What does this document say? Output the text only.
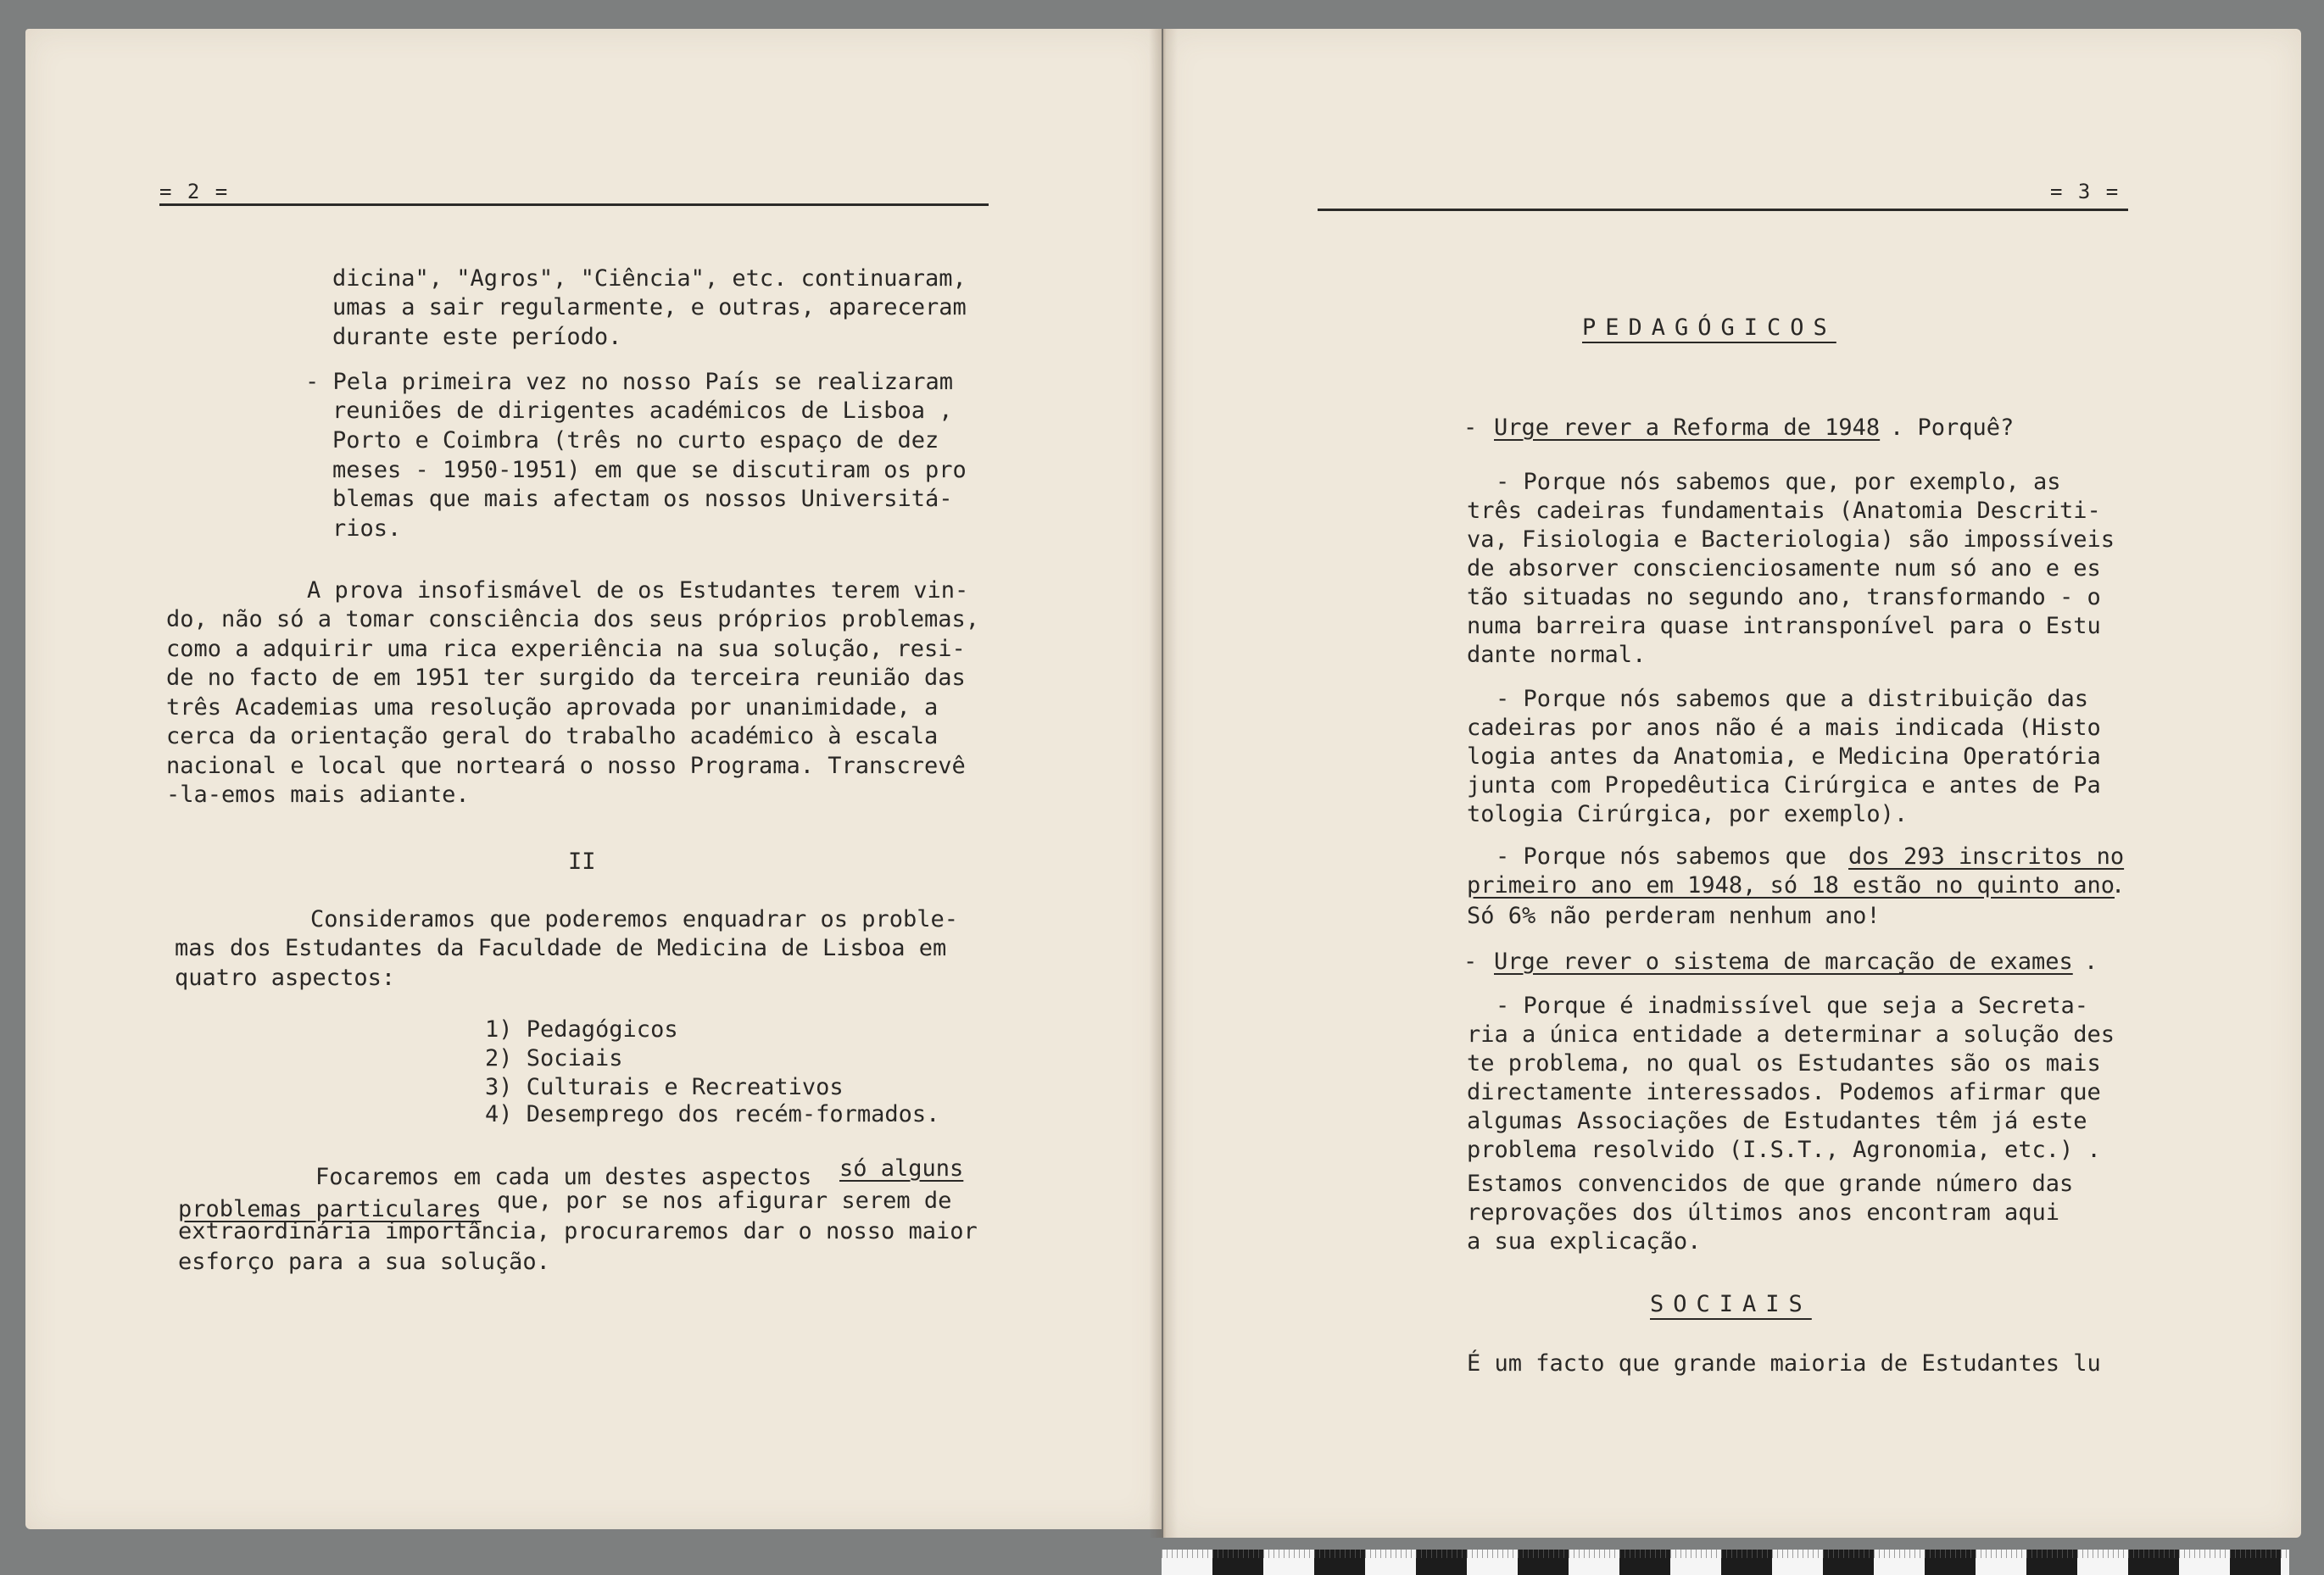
= 2 =
dicina", "Agros", "Ciência", etc. continuaram,
umas a sair regularmente, e outras, apareceram
durante este período.
- Pela primeira vez no nosso País se realizaram
reuniões de dirigentes académicos de Lisboa ,
Porto e Coimbra (três no curto espaço de dez
meses - 1950-1951) em que se discutiram os pro
blemas que mais afectam os nossos Universitá-
rios.
A prova insofismável de os Estudantes terem vin-
do, não só a tomar consciência dos seus próprios problemas,
como a adquirir uma rica experiência na sua solução, resi-
de no facto de em 1951 ter surgido da terceira reunião das
três Academias uma resolução aprovada por unanimidade, a
cerca da orientação geral do trabalho académico à escala
nacional e local que norteará o nosso Programa. Transcrevê
-la-emos mais adiante.
II
Consideramos que poderemos enquadrar os proble-
mas dos Estudantes da Faculdade de Medicina de Lisboa em
quatro aspectos:
1) Pedagógicos
2) Sociais
3) Culturais e Recreativos
4) Desemprego dos recém-formados.
Focaremos em cada um destes aspectos só alguns
problemas particulares que, por se nos afigurar serem de
extraordinária importância, procuraremos dar o nosso maior
esforço para a sua solução.
= 3 =
PEDAGÓGICOS
- Urge rever a Reforma de 1948 . Porquê?
- Porque nós sabemos que, por exemplo, as
três cadeiras fundamentais (Anatomia Descriti-
va, Fisiologia e Bacteriologia) são impossíveis
de absorver conscienciosamente num só ano e es
tão situadas no segundo ano, transformando - o
numa barreira quase intransponível para o Estu
dante normal.
- Porque nós sabemos que a distribuição das
cadeiras por anos não é a mais indicada (Histo
logia antes da Anatomia, e Medicina Operatória
junta com Propedêutica Cirúrgica e antes de Pa
tologia Cirúrgica, por exemplo).
- Porque nós sabemos que dos 293 inscritos no
primeiro ano em 1948, só 18 estão no quinto ano
.
Só 6% não perderam nenhum ano!
- Urge rever o sistema de marcação de exames .
- Porque é inadmissível que seja a Secreta-
ria a única entidade a determinar a solução des
te problema, no qual os Estudantes são os mais
directamente interessados. Podemos afirmar que
algumas Associações de Estudantes têm já este
problema resolvido (I.S.T., Agronomia, etc.) .
Estamos convencidos de que grande número das
reprovações dos últimos anos encontram aqui
a sua explicação.
SOCIAIS
É um facto que grande maioria de Estudantes lu
